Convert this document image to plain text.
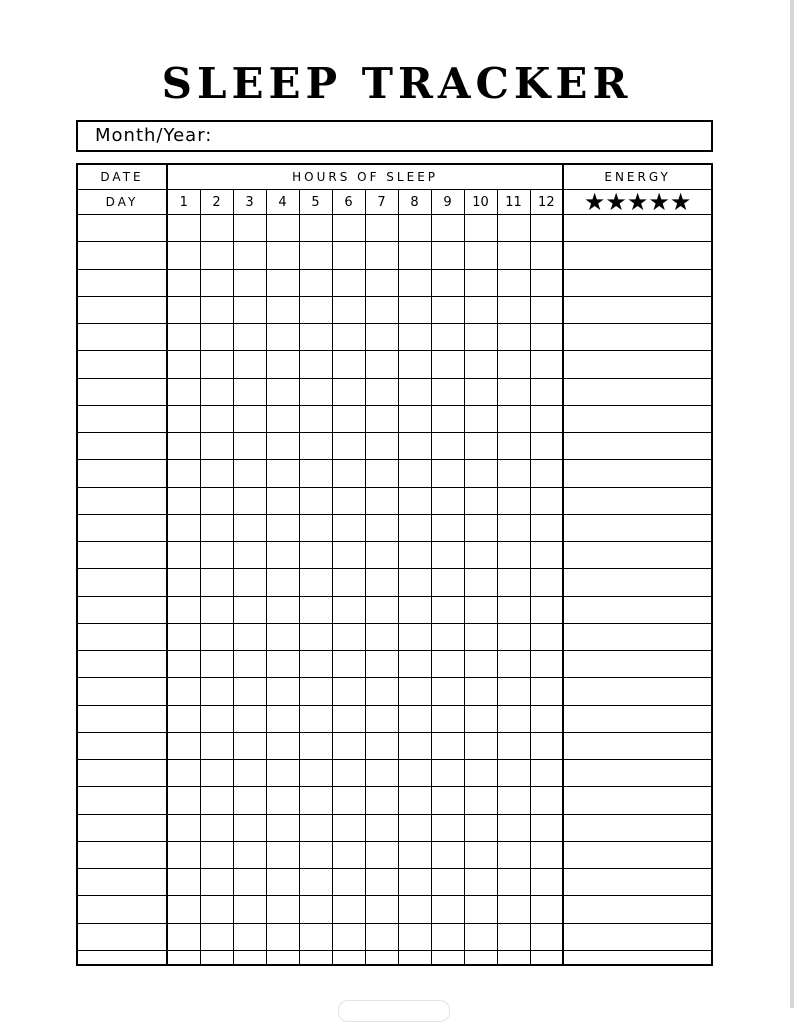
SLEEP TRACKER
Month/Year:
DATE	HOURS OF SLEEP												ENERGY
DAY	1	2	3	4	5	6	7	8	9	10	11	12	★★★★★
